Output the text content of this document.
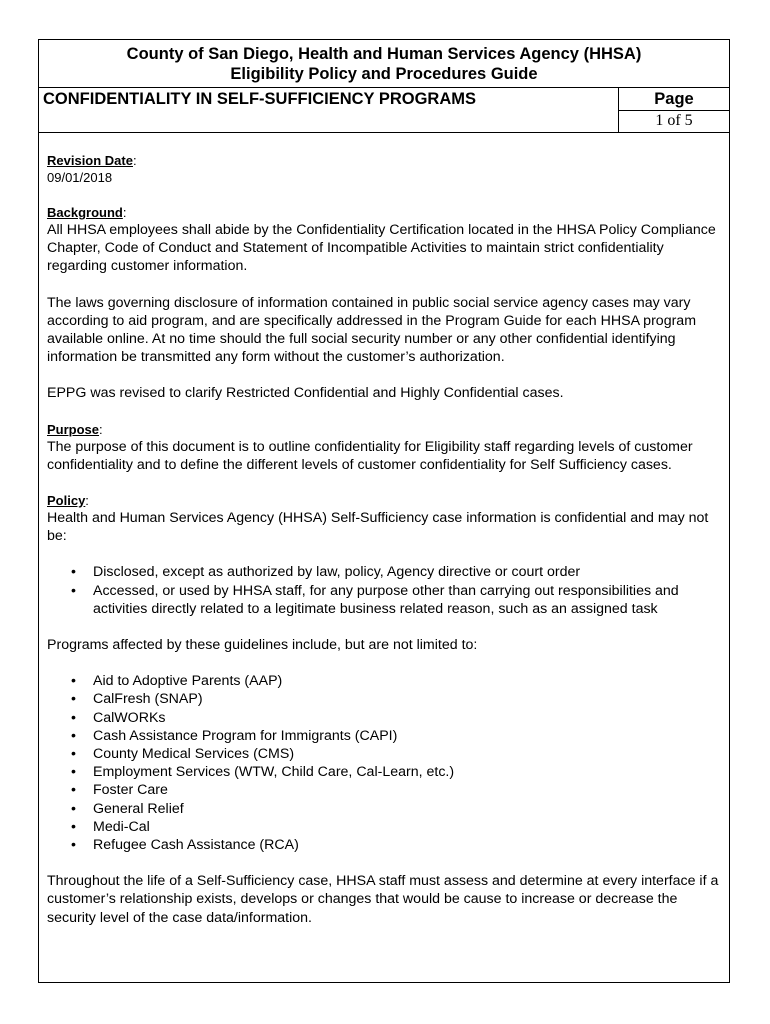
County of San Diego, Health and Human Services Agency (HHSA)
Eligibility Policy and Procedures Guide
CONFIDENTIALITY IN SELF-SUFFICIENCY PROGRAMS	Page
1 of 5

Revision Date:

09/01/2018

Background:

All HHSA employees shall abide by the Confidentiality Certification located in the HHSA Policy Compliance Chapter, Code of Conduct and Statement of Incompatible Activities to maintain strict confidentiality regarding customer information.

The laws governing disclosure of information contained in public social service agency cases may vary according to aid program, and are specifically addressed in the Program Guide for each HHSA program available online. At no time should the full social security number or any other confidential identifying information be transmitted any form without the customer’s authorization.

EPPG was revised to clarify Restricted Confidential and Highly Confidential cases.

Purpose:

The purpose of this document is to outline confidentiality for Eligibility staff regarding levels of customer confidentiality and to define the different levels of customer confidentiality for Self Sufficiency cases.

Policy:

Health and Human Services Agency (HHSA) Self-Sufficiency case information is confidential and may not be:

• Disclosed, except as authorized by law, policy, Agency directive or court order
• Accessed, or used by HHSA staff, for any purpose other than carrying out responsibilities and activities directly related to a legitimate business related reason, such as an assigned task

Programs affected by these guidelines include, but are not limited to:

• Aid to Adoptive Parents (AAP)
• CalFresh (SNAP)
• CalWORKs
• Cash Assistance Program for Immigrants (CAPI)
• County Medical Services (CMS)
• Employment Services (WTW, Child Care, Cal-Learn, etc.)
• Foster Care
• General Relief
• Medi-Cal
• Refugee Cash Assistance (RCA)

Throughout the life of a Self-Sufficiency case, HHSA staff must assess and determine at every interface if a customer’s relationship exists, develops or changes that would be cause to increase or decrease the security level of the case data/information.
